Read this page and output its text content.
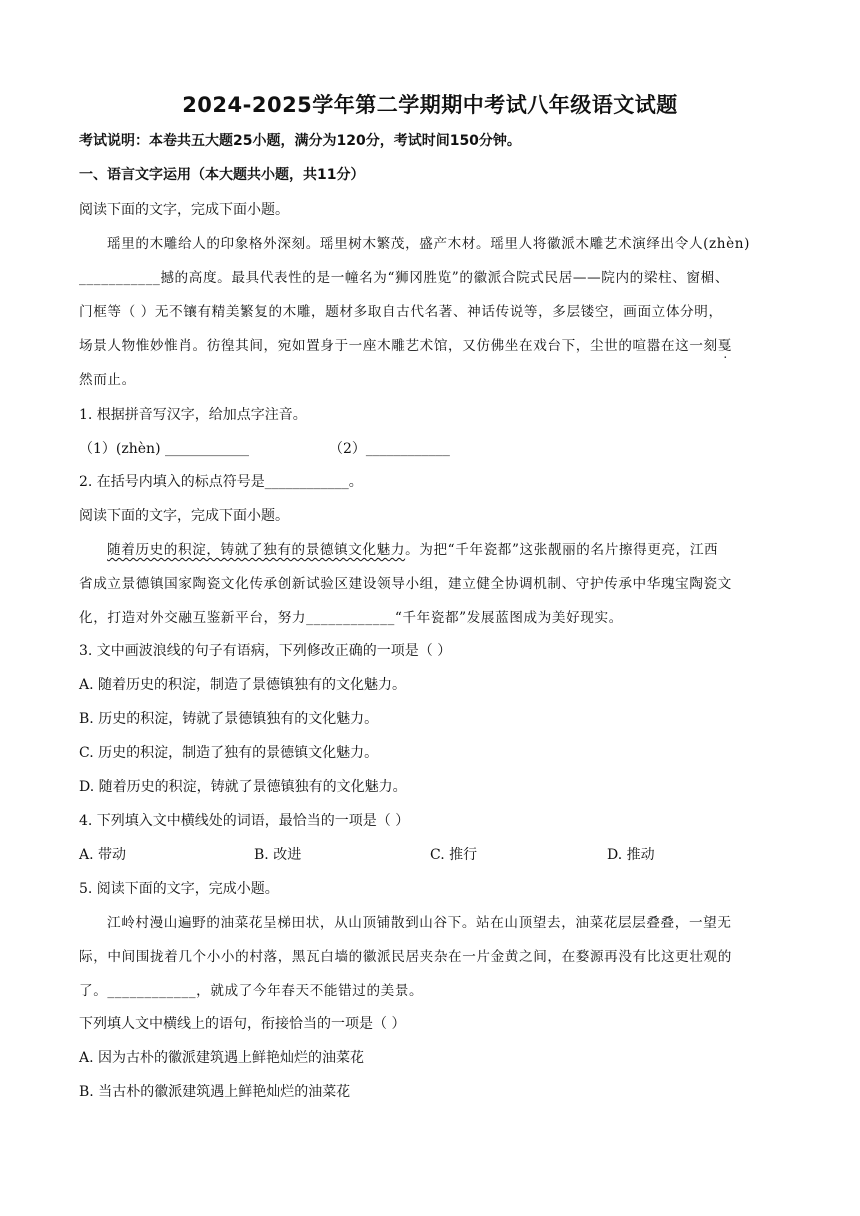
2024-2025学年第二学期期中考试八年级语文试题
考试说明：本卷共五大题25小题，满分为120分，考试时间150分钟。
一、语言文字运用（本大题共小题，共11分）
阅读下面的文字，完成下面小题。
瑶里的木雕给人的印象格外深刻。瑶里树木繁茂，盛产木材。瑶里人将徽派木雕艺术演绎出令人(zhèn)
___________撼的高度。最具代表性的是一幢名为“狮冈胜览”的徽派合院式民居——院内的梁柱、窗楣、
门框等（ ）无不镶有精美繁复的木雕，题材多取自古代名著、神话传说等，多层镂空，画面立体分明，
场景人物惟妙惟肖。彷徨其间，宛如置身于一座木雕艺术馆，又仿佛坐在戏台下，尘世的喧嚣在这一刻戛
然而止。
1. 根据拼音写汉字，给加点字注音。
（1）(zhèn) ____________	（2）____________
2. 在括号内填入的标点符号是____________。
阅读下面的文字，完成下面小题。
随着历史的积淀，铸就了独有的景德镇文化魅力。为把“千年瓷都”这张靓丽的名片擦得更亮，江西
省成立景德镇国家陶瓷文化传承创新试验区建设领导小组，建立健全协调机制、守护传承中华瑰宝陶瓷文
化，打造对外交融互鉴新平台，努力____________“千年瓷都”发展蓝图成为美好现实。
3. 文中画波浪线的句子有语病，下列修改正确的一项是（ ）
A. 随着历史的积淀，制造了景德镇独有的文化魅力。
B. 历史的积淀，铸就了景德镇独有的文化魅力。
C. 历史的积淀，制造了独有的景德镇文化魅力。
D. 随着历史的积淀，铸就了景德镇独有的文化魅力。
4. 下列填入文中横线处的词语，最恰当的一项是（ ）
A. 带动	B. 改进	C. 推行	D. 推动
5. 阅读下面的文字，完成小题。
江岭村漫山遍野的油菜花呈梯田状，从山顶铺散到山谷下。站在山顶望去，油菜花层层叠叠，一望无
际，中间围拢着几个小小的村落，黑瓦白墙的徽派民居夹杂在一片金黄之间，在婺源再没有比这更壮观的
了。____________，就成了今年春天不能错过的美景。
下列填人文中横线上的语句，衔接恰当的一项是（ ）
A. 因为古朴的徽派建筑遇上鲜艳灿烂的油菜花
B. 当古朴的徽派建筑遇上鲜艳灿烂的油菜花
